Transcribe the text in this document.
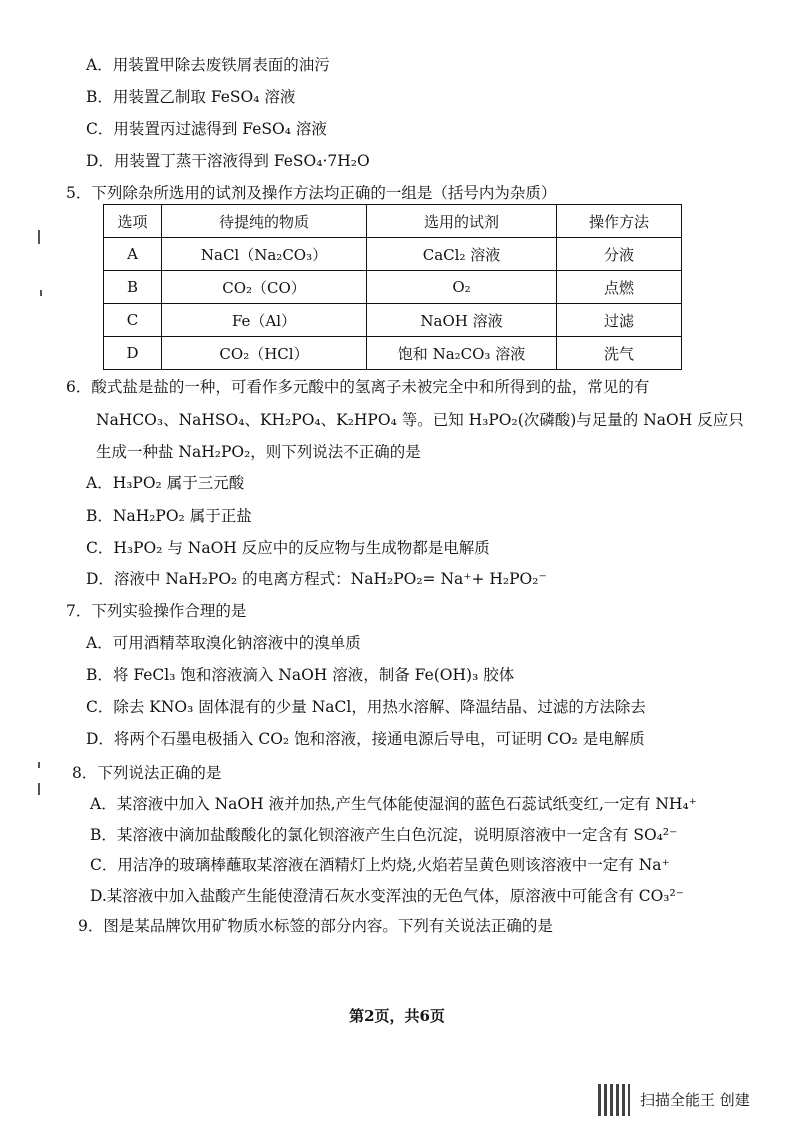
A．用装置甲除去废铁屑表面的油污
B．用装置乙制取 FeSO₄ 溶液
C．用装置丙过滤得到 FeSO₄ 溶液
D．用装置丁蒸干溶液得到 FeSO₄·7H₂O
5．下列除杂所选用的试剂及操作方法均正确的一组是（括号内为杂质）
选项	待提纯的物质	选用的试剂	操作方法
A	NaCl（Na₂CO₃）	CaCl₂ 溶液	分液
B	CO₂（CO）	O₂	点燃
C	Fe（Al）	NaOH 溶液	过滤
D	CO₂（HCl）	饱和 Na₂CO₃ 溶液	洗气
6．酸式盐是盐的一种，可看作多元酸中的氢离子未被完全中和所得到的盐，常见的有
NaHCO₃、NaHSO₄、KH₂PO₄、K₂HPO₄ 等。已知 H₃PO₂(次磷酸)与足量的 NaOH 反应只
生成一种盐 NaH₂PO₂，则下列说法不正确的是
A．H₃PO₂ 属于三元酸
B．NaH₂PO₂ 属于正盐
C．H₃PO₂ 与 NaOH 反应中的反应物与生成物都是电解质
D．溶液中 NaH₂PO₂ 的电离方程式：NaH₂PO₂= Na⁺+ H₂PO₂⁻
7．下列实验操作合理的是
A．可用酒精萃取溴化钠溶液中的溴单质
B．将 FeCl₃ 饱和溶液滴入 NaOH 溶液，制备 Fe(OH)₃ 胶体
C．除去 KNO₃ 固体混有的少量 NaCl，用热水溶解、降温结晶、过滤的方法除去
D．将两个石墨电极插入 CO₂ 饱和溶液，接通电源后导电，可证明 CO₂ 是电解质
8．下列说法正确的是
A．某溶液中加入 NaOH 液并加热,产生气体能使湿润的蓝色石蕊试纸变红,一定有 NH₄⁺
B．某溶液中滴加盐酸酸化的氯化钡溶液产生白色沉淀，说明原溶液中一定含有 SO₄²⁻
C．用洁净的玻璃棒蘸取某溶液在酒精灯上灼烧,火焰若呈黄色则该溶液中一定有 Na⁺
D.某溶液中加入盐酸产生能使澄清石灰水变浑浊的无色气体，原溶液中可能含有 CO₃²⁻
9．图是某品牌饮用矿物质水标签的部分内容。下列有关说法正确的是
第2页，共6页
扫描全能王 创建
